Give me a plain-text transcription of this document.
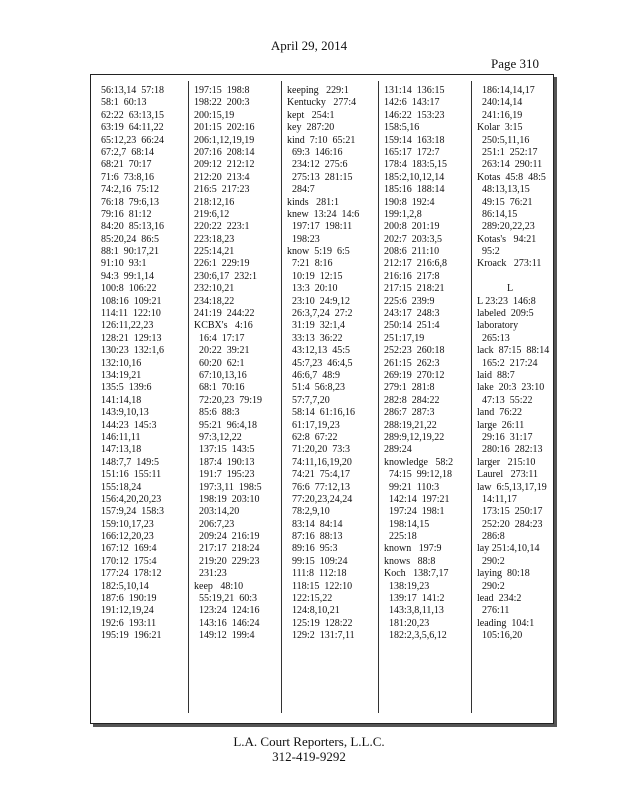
April 29, 2014
Page 310
56:13,14  57:18
58:1  60:13
62:22  63:13,15
63:19  64:11,22
65:12,23  66:24
67:2,7  68:14
68:21  70:17
71:6  73:8,16
74:2,16  75:12
76:18  79:6,13
79:16  81:12
84:20  85:13,16
85:20,24  86:5
88:1  90:17,21
91:10  93:1
94:3  99:1,14
100:8  106:22
108:16  109:21
114:11  122:10
126:11,22,23
128:21  129:13
130:23  132:1,6
132:10,16
134:19,21
135:5  139:6
141:14,18
143:9,10,13
144:23  145:3
146:11,11
147:13,18
148:7,7  149:5
151:16  155:11
155:18,24
156:4,20,20,23
157:9,24  158:3
159:10,17,23
166:12,20,23
167:12  169:4
170:12  175:4
177:24  178:12
182:5,10,14
187:6  190:19
191:12,19,24
192:6  193:11
195:19  196:21
197:15  198:8
198:22  200:3
200:15,19
201:15  202:16
206:1,12,19,19
207:16  208:14
209:12  212:12
212:20  213:4
216:5  217:23
218:12,16
219:6,12
220:22  223:1
223:18,23
225:14,21
226:1  229:19
230:6,17  232:1
232:10,21
234:18,22
241:19  244:22
KCBX's   4:16
16:4  17:17
20:22  39:21
60:20  62:1
67:10,13,16
68:1  70:16
72:20,23  79:19
85:6  88:3
95:21  96:4,18
97:3,12,22
137:15  143:5
187:4  190:13
191:7  195:23
197:3,11  198:5
198:19  203:10
203:14,20
206:7,23
209:24  216:19
217:17  218:24
219:20  229:23
231:23
keep   48:10
55:19,21  60:3
123:24  124:16
143:16  146:24
149:12  199:4
keeping   229:1
Kentucky   277:4
kept   254:1
key  287:20
kind  7:10  65:21
69:3  146:16
234:12  275:6
275:13  281:15
284:7
kinds   281:1
knew  13:24  14:6
197:17  198:11
198:23
know  5:19  6:5
7:21  8:16
10:19  12:15
13:3  20:10
23:10  24:9,12
26:3,7,24  27:2
31:19  32:1,4
33:13  36:22
43:12,13  45:5
45:7,23  46:4,5
46:6,7  48:9
51:4  56:8,23
57:7,7,20
58:14  61:16,16
61:17,19,23
62:8  67:22
71:20,20  73:3
74:11,16,19,20
74:21  75:4,17
76:6  77:12,13
77:20,23,24,24
78:2,9,10
83:14  84:14
87:16  88:13
89:16  95:3
99:15  109:24
111:8  112:18
118:15  122:10
122:15,22
124:8,10,21
125:19  128:22
129:2  131:7,11
131:14  136:15
142:6  143:17
146:22  153:23
158:5,16
159:14  163:18
165:17  172:7
178:4  183:5,15
185:2,10,12,14
185:16  188:14
190:8  192:4
199:1,2,8
200:8  201:19
202:7  203:3,5
208:6  211:10
212:17  216:6,8
216:16  217:8
217:15  218:21
225:6  239:9
243:17  248:3
250:14  251:4
251:17,19
252:23  260:18
261:15  262:3
269:19  270:12
279:1  281:8
282:8  284:22
286:7  287:3
288:19,21,22
289:9,12,19,22
289:24
knowledge   58:2
74:15  99:12,18
99:21  110:3
142:14  197:21
197:24  198:1
198:14,15
225:18
known   197:9
knows   88:8
Koch   138:7,17
138:19,23
139:17  141:2
143:3,8,11,13
181:20,23
182:2,3,5,6,12
186:14,14,17
240:14,14
241:16,19
Kolar  3:15
250:5,11,16
251:1  252:17
263:14  290:11
Kotas  45:8  48:5
48:13,13,15
49:15  76:21
86:14,15
289:20,22,23
Kotas's   94:21
95:2
Kroack   273:11
L
L 23:23  146:8
labeled  209:5
laboratory
265:13
lack  87:15  88:14
165:2  217:24
laid  88:7
lake  20:3  23:10
47:13  55:22
land  76:22
large  26:11
29:16  31:17
280:16  282:13
larger   215:10
Laurel   273:11
law  6:5,13,17,19
14:11,17
173:15  250:17
252:20  284:23
286:8
lay 251:4,10,14
290:2
laying  80:18
290:2
lead  234:2
276:11
leading  104:1
105:16,20
L.A. Court Reporters, L.L.C.
312-419-9292
